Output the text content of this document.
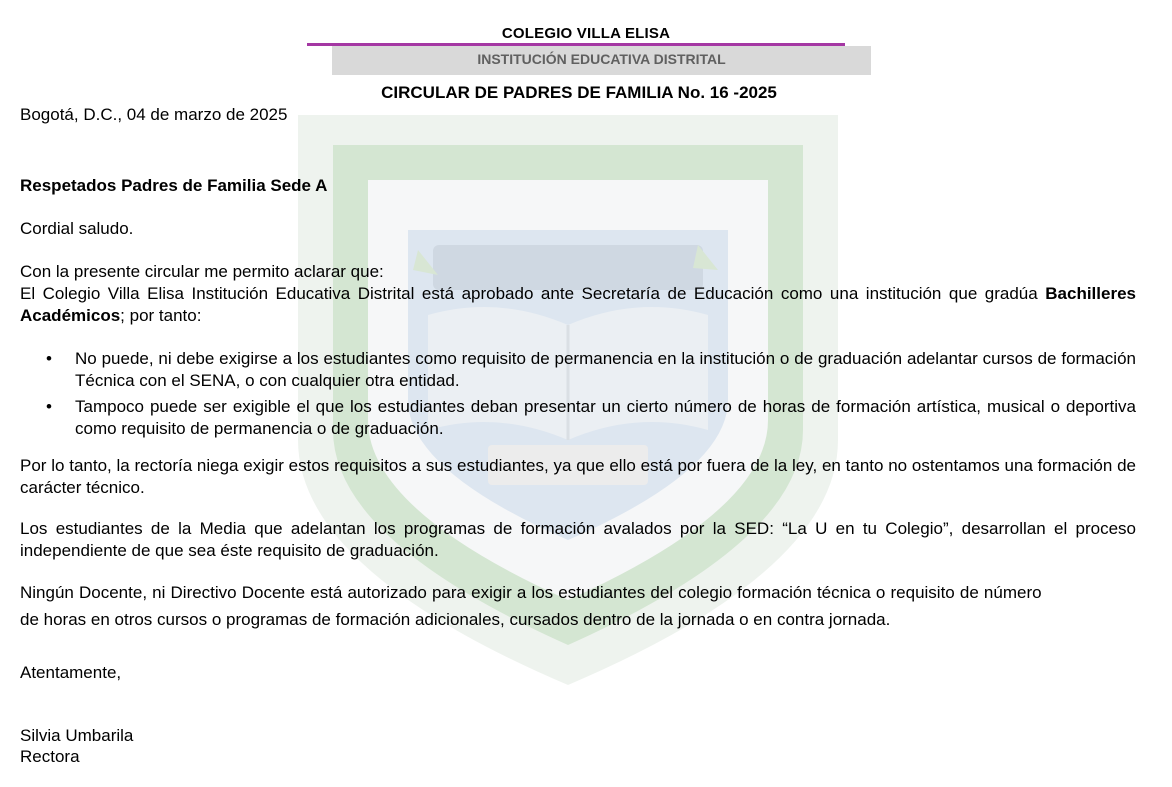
COLEGIO VILLA ELISA
INSTITUCIÓN EDUCATIVA DISTRITAL
CIRCULAR DE PADRES DE FAMILIA No. 16 -2025
Bogotá, D.C., 04 de marzo de 2025
Respetados Padres de Familia Sede A
Cordial saludo.
Con la presente circular me permito aclarar que:
El Colegio Villa Elisa Institución Educativa Distrital está aprobado ante Secretaría de Educación como una institución que gradúa Bachilleres Académicos; por tanto:
• No puede, ni debe exigirse a los estudiantes como requisito de permanencia en la institución o de graduación adelantar cursos de formación Técnica con el SENA, o con cualquier otra entidad.
• Tampoco puede ser exigible el que los estudiantes deban presentar un cierto número de horas de formación artística, musical o deportiva como requisito de permanencia o de graduación.
Por lo tanto, la rectoría niega exigir estos requisitos a sus estudiantes, ya que ello está por fuera de la ley, en tanto no ostentamos una formación de carácter técnico.
Los estudiantes de la Media que adelantan los programas de formación avalados por la SED: “La U en tu Colegio”, desarrollan el proceso independiente de que sea éste requisito de graduación.
Ningún Docente, ni Directivo Docente está autorizado para exigir a los estudiantes del colegio formación técnica o requisito de número
de horas en otros cursos o programas de formación adicionales, cursados dentro de la jornada o en contra jornada.
Atentamente,
Silvia Umbarila
Rectora
